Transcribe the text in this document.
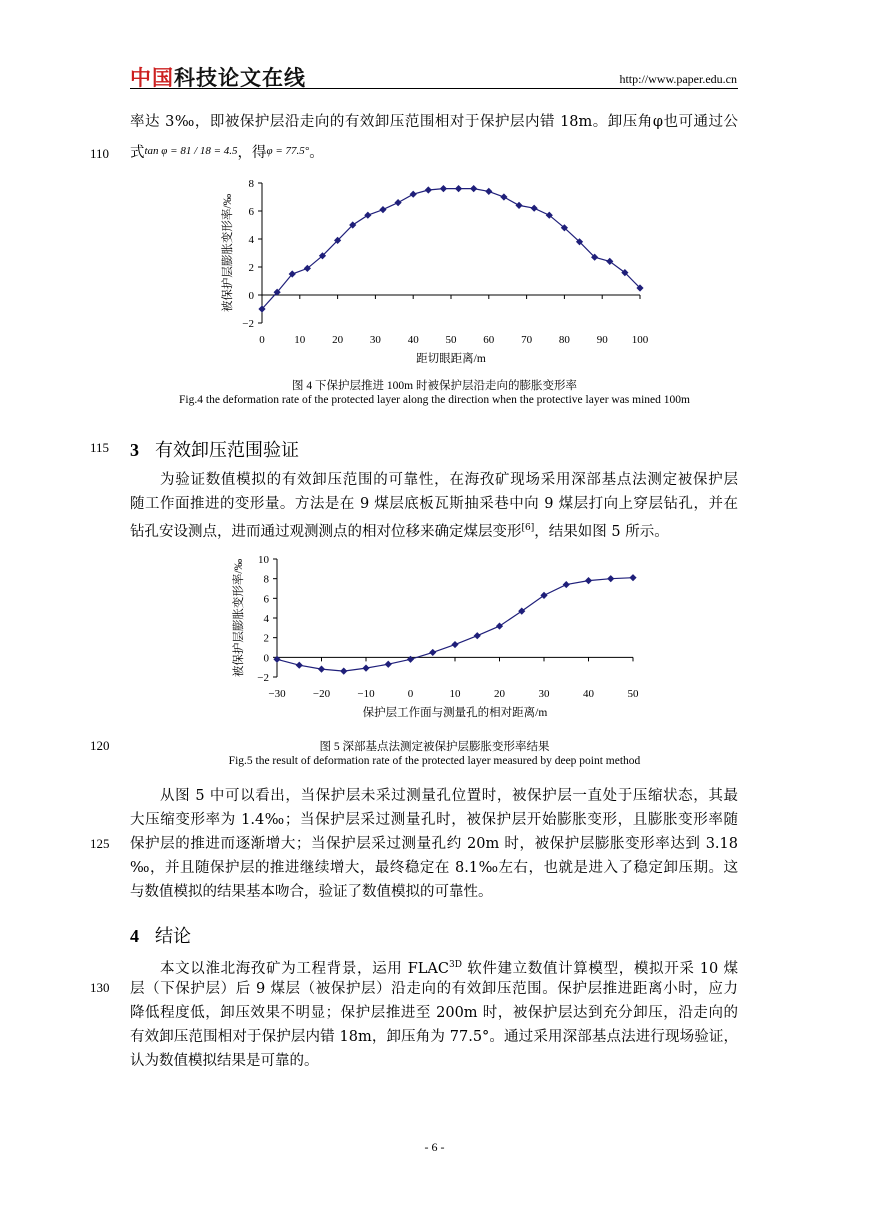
中国科技论文在线	http://www.paper.edu.cn
110
115
120
125
130
率达 3‰，即被保护层沿走向的有效卸压范围相对于保护层内错 18m。卸压角φ也可通过公
式$^{tan \varphi = 81 / 18 = 4.5}$，得$^{\varphi = 77.5^\circ}$。
−2
0
2
4
6
8
0	10 20 30 40 50 60 70 80 90 100
距切眼距离/m
被保护层膨胀变形率/‰
图 4 下保护层推进 100m 时被保护层沿走向的膨胀变形率
Fig.4 the deformation rate of the protected layer along the direction when the protective layer was mined 100m
3 有效卸压范围验证
为验证数值模拟的有效卸压范围的可靠性，在海孜矿现场采用深部基点法测定被保护层
随工作面推进的变形量。方法是在 9 煤层底板瓦斯抽采巷中向 9 煤层打向上穿层钻孔，并在
钻孔安设测点，进而通过观测测点的相对位移来确定煤层变形[6]，结果如图 5 所示。
−2
0
2
4
6
8
10
−30 −20 −10	0	10	20	30	40	50
保护层工作面与测量孔的相对距离/m
被保护层膨胀变形率/‰
图 5 深部基点法测定被保护层膨胀变形率结果
Fig.5 the result of deformation rate of the protected layer measured by deep point method
从图 5 中可以看出，当保护层未采过测量孔位置时，被保护层一直处于压缩状态，其最
大压缩变形率为 1.4‰；当保护层采过测量孔时，被保护层开始膨胀变形，且膨胀变形率随
保护层的推进而逐渐增大；当保护层采过测量孔约 20m 时，被保护层膨胀变形率达到 3.18
‰，并且随保护层的推进继续增大，最终稳定在 8.1‰左右，也就是进入了稳定卸压期。这
与数值模拟的结果基本吻合，验证了数值模拟的可靠性。
4 结论
本文以淮北海孜矿为工程背景，运用 $FLAC^{3D}$ 软件建立数值计算模型，模拟开采 10 煤
层（下保护层）后 9 煤层（被保护层）沿走向的有效卸压范围。保护层推进距离小时，应力
降低程度低，卸压效果不明显；保护层推进至 200m 时，被保护层达到充分卸压，沿走向的
有效卸压范围相对于保护层内错 18m，卸压角为 77.5°。通过采用深部基点法进行现场验证，
认为数值模拟结果是可靠的。
- 6 -
